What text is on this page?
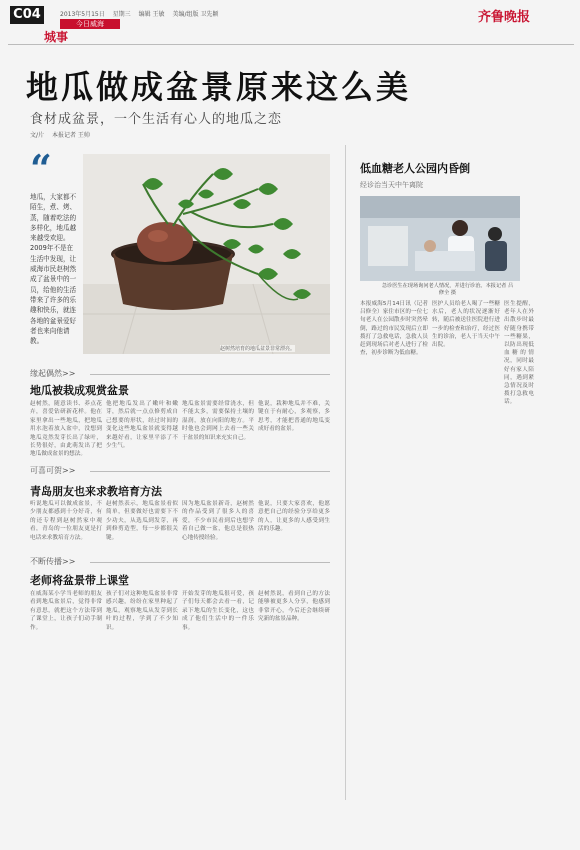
C04	2013年5月15日 星期三 编辑 王敏 美编/组版 卫先颖
今日威海
城事
齐鲁晚报
地瓜做成盆景原来这么美
食材成盆景，一个生活有心人的地瓜之恋
文/片 本报记者 王帅
“
地瓜，大家都不陌生，煮、烤、蒸，随着吃法的多样化，地瓜越来越受欢迎。2009年不是在生活中发现，让威海市民赵树然成了盆景中的一员，给他的生活带来了许多的乐趣和快乐，就连各地的盆景爱好者也来向他请教。
赵树然培育的地瓜盆景非常漂亮。
缘起偶然>>
地瓜被栽成观赏盆景
赵树然，随意读书、养点花卉，喜爱钻研新花样。他在家里拿出一些地瓜，把地瓜用水泡着放入盆中，没想到地瓜竟然发芽长出了绿叶，长势很好，由此萌发出了把地瓜做成盆景的想法。
他把地瓜发出了嫩叶和嫩芽，然后就一点点修剪成自己想要的形状，经过时间的变化这些地瓜盆景就变得越来越好看，让家里平添了不少生气。
地瓜盆景需要经常浇水，但不能太多，需要保持土壤的湿润，放在向阳的地方。平时他也会到网上去看一些关于盆景的知识来充实自己。
他说，栽种地瓜并不难，关键在于有耐心，多观察，多思考，才能把普通的地瓜变成好看的盆景。
可喜可贺>>
青岛朋友也来求教培育方法
听说地瓜可以做成盆景，不少朋友都感到十分好奇，有的还专程到赵树然家中观看，青岛的一位朋友更是打电话来求教培育方法。
赵树然表示，地瓜盆景看似简单，但要做好也需要下不少功夫，从选瓜到发芽，再到修剪造型，每一步都很关键。
因为地瓜盆景新奇，赵树然的作品受到了很多人的喜爱，不少市民看到后也想学着自己做一盆，他总是很热心地传授经验。
他说，只要大家喜欢，他愿意把自己的经验分享给更多的人，让更多的人感受到生活的乐趣。
不断传播>>
老师将盆景带上课堂
在威海某小学当老师的朋友看到地瓜盆景后，觉得非常有意思，就把这个方法带到了课堂上，让孩子们动手制作。
孩子们对这种地瓜盆景非常感兴趣，纷纷在家里种起了地瓜，观察地瓜从发芽到长叶的过程，学到了不少知识。
开始发芽的地瓜很可爱，孩子们每天都会去看一看，记录下地瓜的生长变化，这也成了他们生活中的一件乐事。
赵树然说，看到自己的方法能够被更多人分享，他感到非常开心，今后还会继续研究新的盆景品种。
低血糖老人公园内昏倒
经诊治当天中午离院
急诊医生在现场询问老人情况，并进行诊治。本报记者 吕修全 摄
本报威海5月14日讯（记者 吕修全）家住市区的一位七旬老人在公园散步时突然晕倒，路过的市民发现后立即拨打了急救电话，急救人员赶到现场后对老人进行了检查，初步诊断为低血糖。
医护人员给老人喝了一些糖水后，老人的状况逐渐好转，随后被送往医院进行进一步的检查和治疗，经过医生的诊治，老人于当天中午出院。
医生提醒，老年人在外出散步时最好随身携带一些糖果，以防出现低血糖的情况，同时最好有家人陪同，遇到紧急情况及时拨打急救电话。
